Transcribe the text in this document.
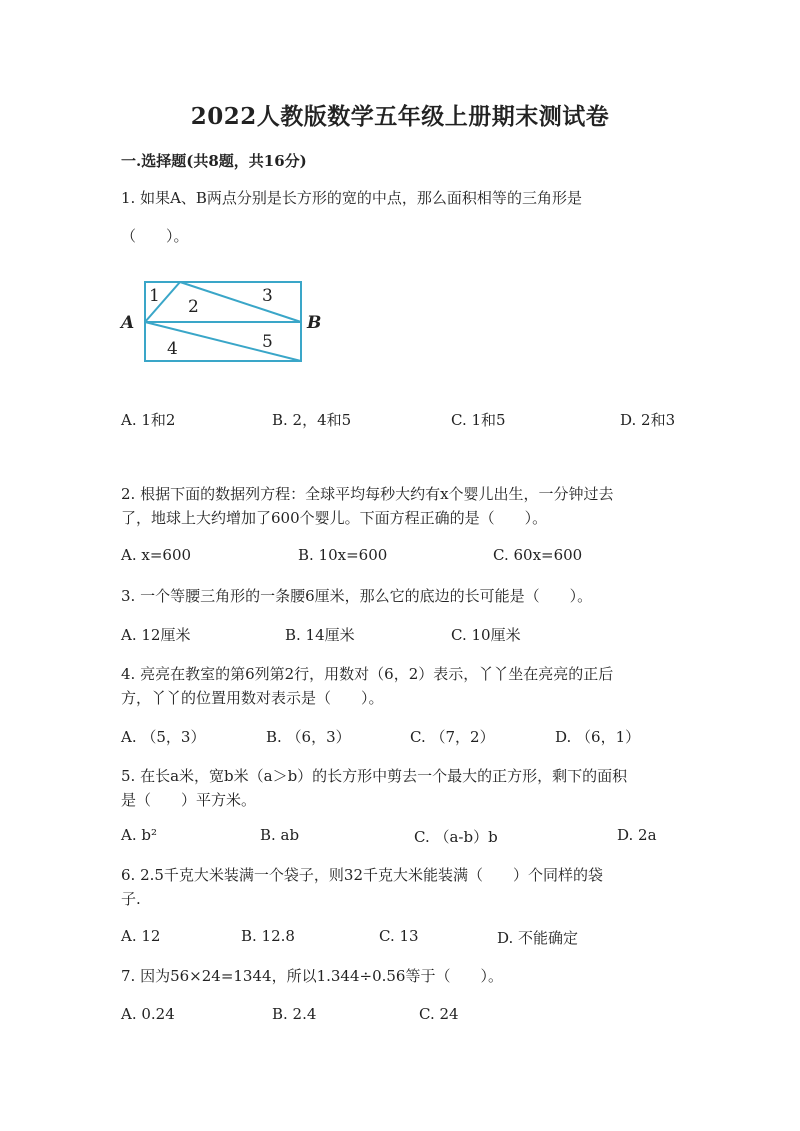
2022人教版数学五年级上册期末测试卷
一.选择题(共8题，共16分)
1. 如果A、B两点分别是长方形的宽的中点，那么面积相等的三角形是
（　　）。
A	B
1
2
3
4	5
A. 1和2	B. 2，4和5	C. 1和5	D. 2和3
2. 根据下面的数据列方程：全球平均每秒大约有x个婴儿出生，一分钟过去
了，地球上大约增加了600个婴儿。下面方程正确的是（　　）。
A. x=600	B. 10x=600	C. 60x=600
3. 一个等腰三角形的一条腰6厘米，那么它的底边的长可能是（　　）。
A. 12厘米	B. 14厘米	C. 10厘米
4. 亮亮在教室的第6列第2行，用数对（6，2）表示，丫丫坐在亮亮的正后
方，丫丫的位置用数对表示是（　　）。
A. （5，3）	B. （6，3）	C. （7，2）	D. （6，1）
5. 在长a米，宽b米（a＞b）的长方形中剪去一个最大的正方形，剩下的面积
是（　　）平方米。
A. b²	B. ab	C. （a-b）b	D. 2a
6. 2.5千克大米装满一个袋子，则32千克大米能装满（　　）个同样的袋
子.
A. 12	B. 12.8	C. 13	D. 不能确定
7. 因为56×24=1344，所以1.344÷0.56等于（　　）。
A. 0.24	B. 2.4	C. 24
